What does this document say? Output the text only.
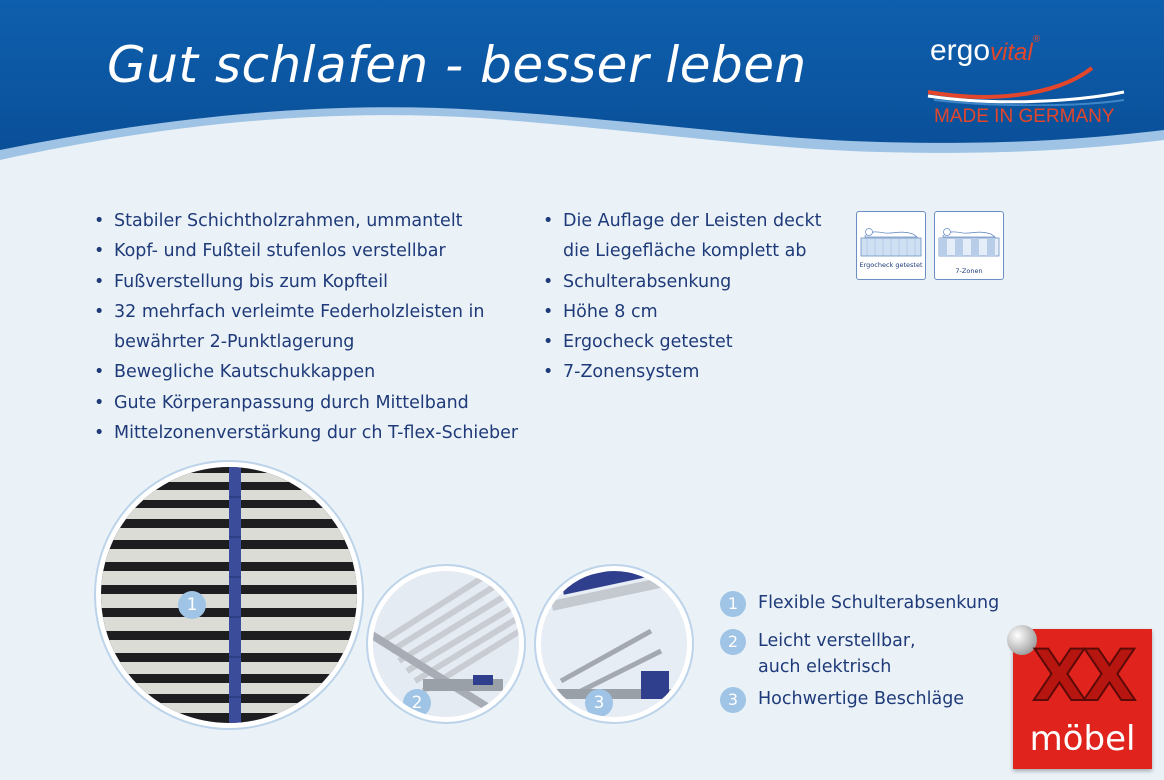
Gut schlafen - besser leben	ergovital®
MADE IN GERMANY
• Stabiler Schichtholzrahmen, ummantelt
• Kopf- und Fußteil stufenlos verstellbar
• Fußverstellung bis zum Kopfteil
• 32 mehrfach verleimte Federholzleisten in
bewährter 2-Punktlagerung
• Bewegliche Kautschukkappen
• Gute Körperanpassung durch Mittelband
• Mittelzonenverstärkung dur ch T-flex-Schieber
• Die Auflage der Leisten deckt
die Liegefläche komplett ab
• Schulterabsenkung
• Höhe 8 cm
• Ergocheck getestet
• 7-Zonensystem
Ergocheck getestet
7-Zonen
1
2	3
1	Flexible Schulterabsenkung
2	Leicht verstellbar,
auch elektrisch
3	Hochwertige Beschläge XX
möbel
